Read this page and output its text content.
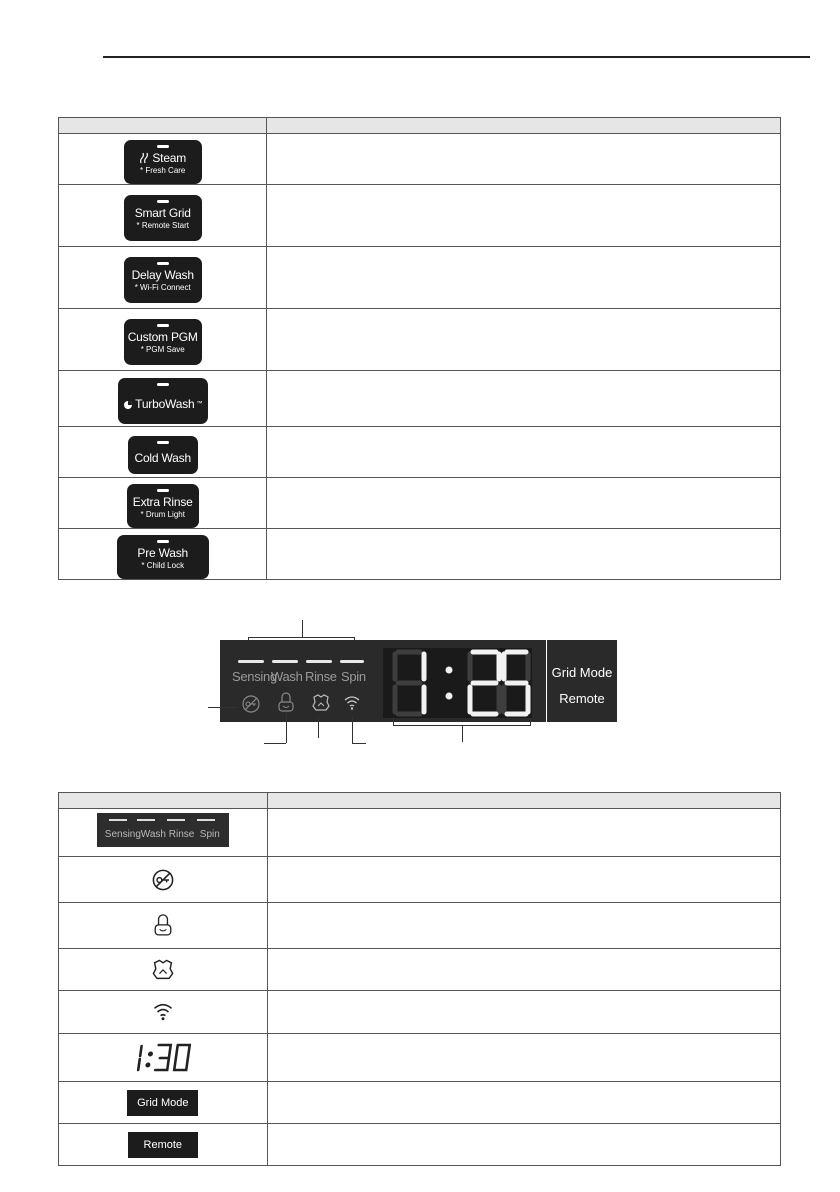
Steam
* Fresh Care	

Smart Grid
* Remote Start	

Delay Wash
* Wi-Fi Connect	

Custom PGM
* PGM Save	

TurboWash ™	

Cold Wash	

Extra Rinse
* Drum Light	

Pre Wash
* Child Lock	

Sensing
Wash Rinse Spin	Grid Mode
Remote

Sensing Wash Rinse Spin	

Grid Mode	
Remote	
